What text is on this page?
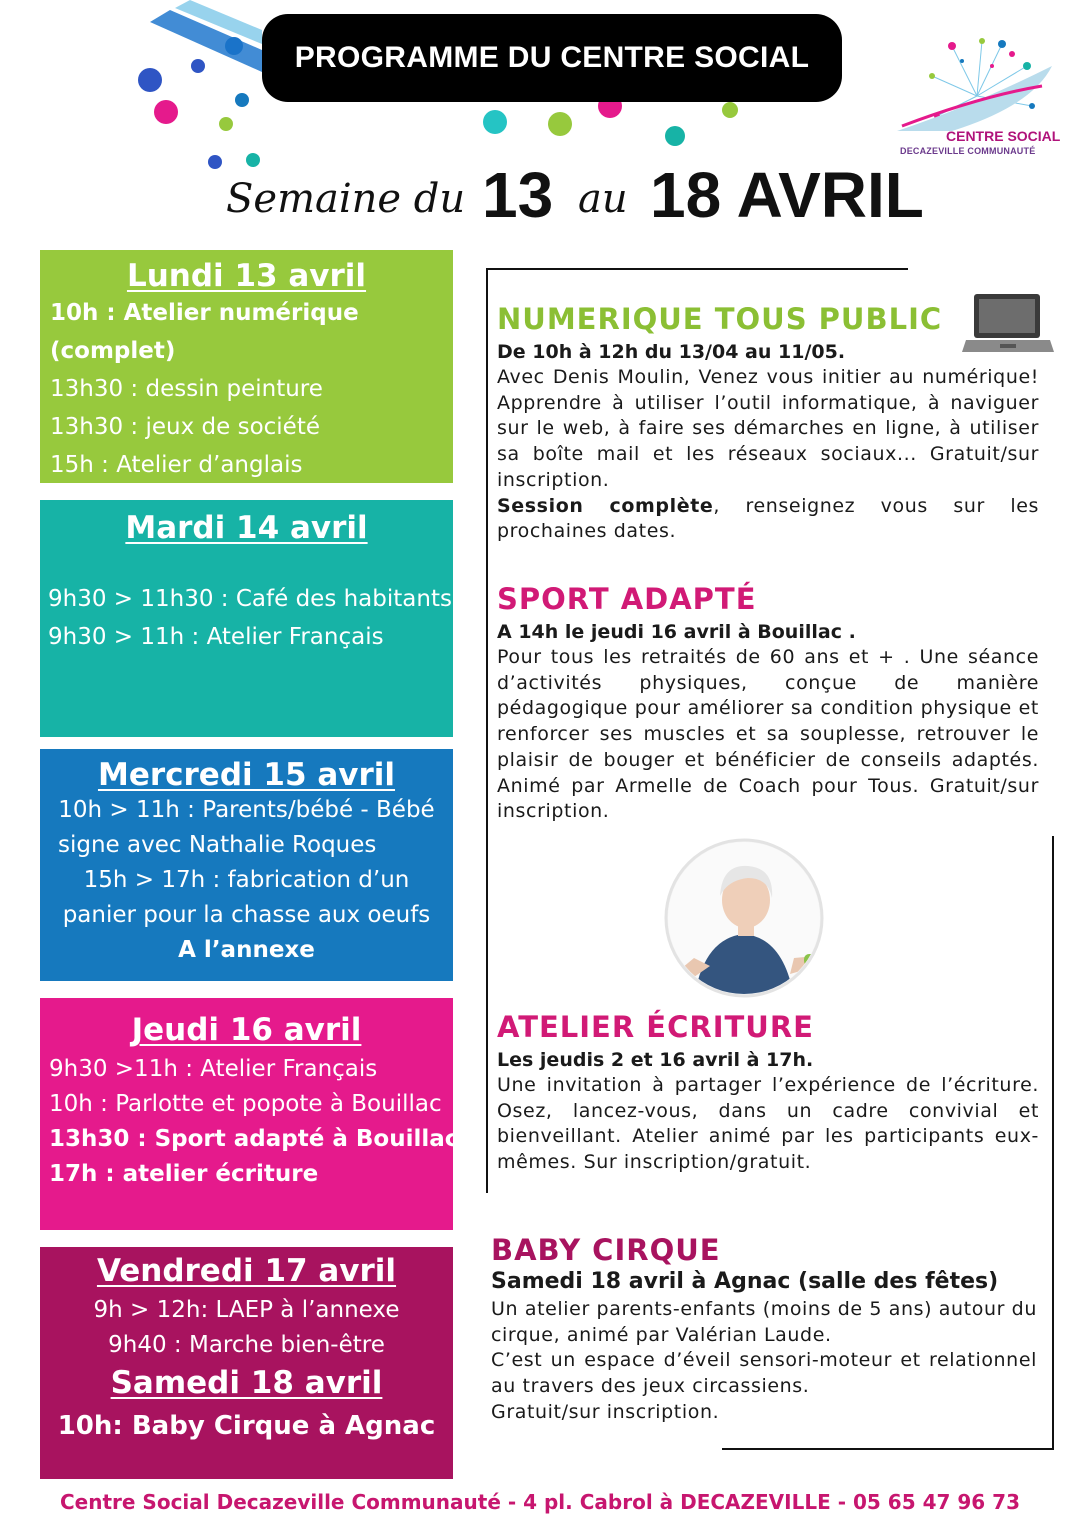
PROGRAMME DU CENTRE SOCIAL
CENTRE SOCIAL
DECAZEVILLE COMMUNAUTÉ
Semaine du 13 au 18 AVRIL
Lundi 13 avril
10h : Atelier numérique
(complet)
13h30 : dessin peinture
13h30 : jeux de société
15h : Atelier d’anglais
Mardi 14 avril
9h30 > 11h30 : Café des habitants
9h30 > 11h : Atelier Français
Mercredi 15 avril
10h > 11h : Parents/bébé - Bébé
signe avec Nathalie Roques
15h > 17h : fabrication d’un
panier pour la chasse aux oeufs
A l’annexe
Jeudi 16 avril
9h30 >11h : Atelier Français
10h : Parlotte et popote à Bouillac
13h30 : Sport adapté à Bouillac
17h : atelier écriture
Vendredi 17 avril
9h > 12h: LAEP à l’annexe
9h40 : Marche bien-être
Samedi 18 avril
10h: Baby Cirque à Agnac
NUMERIQUE TOUS PUBLIC
De 10h à 12h du 13/04 au 11/05.
Avec Denis Moulin, Venez vous initier au numérique! Apprendre à utiliser l’outil informatique, à naviguer sur le web, à faire ses démarches en ligne, à utiliser sa boîte mail et les réseaux sociaux... Gratuit/sur inscription.
Session complète, renseignez vous sur les prochaines dates.
SPORT ADAPTÉ
A 14h le jeudi 16 avril à Bouillac .
Pour tous les retraités de 60 ans et + . Une séance d’activités physiques, conçue de manière pédagogique pour améliorer sa condition physique et renforcer ses muscles et sa souplesse, retrouver le plaisir de bouger et bénéficier de conseils adaptés. Animé par Armelle de Coach pour Tous. Gratuit/sur inscription.
ATELIER ÉCRITURE
Les jeudis 2 et 16 avril à 17h.
Une invitation à partager l’expérience de l’écriture. Osez, lancez-vous, dans un cadre convivial et bienveillant. Atelier animé par les participants eux-mêmes. Sur inscription/gratuit.
BABY CIRQUE
Samedi 18 avril à Agnac (salle des fêtes)
Un atelier parents-enfants (moins de 5 ans) autour du cirque, animé par Valérian Laude.
C’est un espace d’éveil sensori-moteur et relationnel au travers des jeux circassiens.
Gratuit/sur inscription.
Centre Social Decazeville Communauté - 4 pl. Cabrol à DECAZEVILLE - 05 65 47 96 73
